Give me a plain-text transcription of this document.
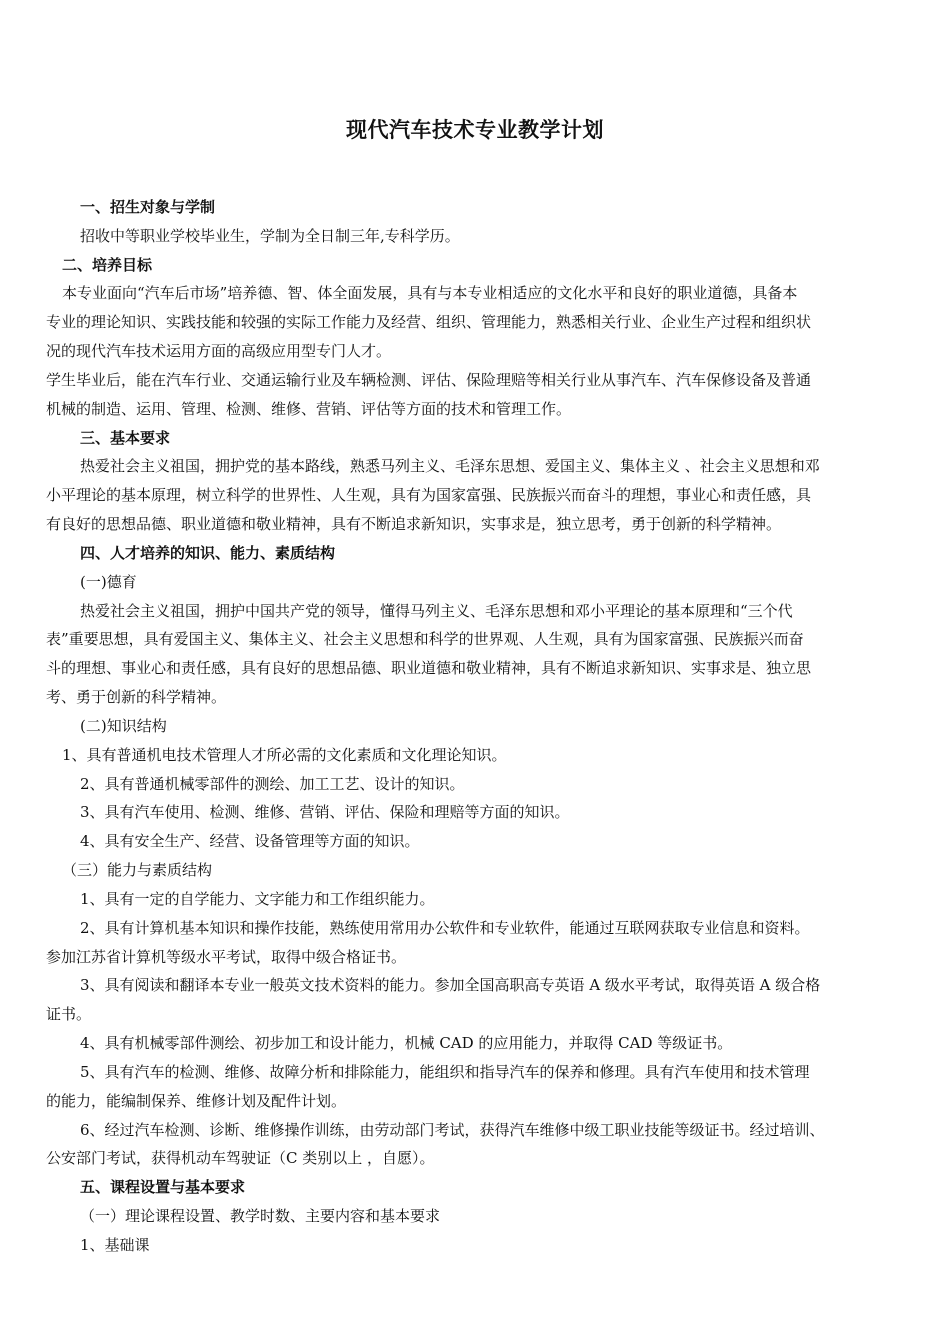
现代汽车技术专业教学计划

一、招生对象与学制

招收中等职业学校毕业生，学制为全日制三年,专科学历。

二、培养目标

本专业面向“汽车后市场”培养德、智、体全面发展，具有与本专业相适应的文化水平和良好的职业道德，具备本

专业的理论知识、实践技能和较强的实际工作能力及经营、组织、管理能力，熟悉相关行业、企业生产过程和组织状

况的现代汽车技术运用方面的高级应用型专门人才。

学生毕业后，能在汽车行业、交通运输行业及车辆检测、评估、保险理赔等相关行业从事汽车、汽车保修设备及普通

机械的制造、运用、管理、检测、维修、营销、评估等方面的技术和管理工作。

三、基本要求

热爱社会主义祖国，拥护党的基本路线，熟悉马列主义、毛泽东思想、爱国主义、集体主义 、社会主义思想和邓

小平理论的基本原理，树立科学的世界性、人生观，具有为国家富强、民族振兴而奋斗的理想，事业心和责任感，具

有良好的思想品德、职业道德和敬业精神，具有不断追求新知识，实事求是，独立思考，勇于创新的科学精神。

四、人才培养的知识、能力、素质结构

(一)德育

热爱社会主义祖国，拥护中国共产党的领导，懂得马列主义、毛泽东思想和邓小平理论的基本原理和“三个代

表”重要思想，具有爱国主义、集体主义、社会主义思想和科学的世界观、人生观，具有为国家富强、民族振兴而奋

斗的理想、事业心和责任感，具有良好的思想品德、职业道德和敬业精神，具有不断追求新知识、实事求是、独立思

考、勇于创新的科学精神。

(二)知识结构

1、具有普通机电技术管理人才所必需的文化素质和文化理论知识。

2、具有普通机械零部件的测绘、加工工艺、设计的知识。

3、具有汽车使用、检测、维修、营销、评估、保险和理赔等方面的知识。

4、具有安全生产、经营、设备管理等方面的知识。

（三）能力与素质结构

1、具有一定的自学能力、文字能力和工作组织能力。

2、具有计算机基本知识和操作技能，熟练使用常用办公软件和专业软件，能通过互联网获取专业信息和资料。

参加江苏省计算机等级水平考试，取得中级合格证书。

3、具有阅读和翻译本专业一般英文技术资料的能力。参加全国高职高专英语 A 级水平考试，取得英语 A 级合格

证书。

4、具有机械零部件测绘、初步加工和设计能力，机械 CAD 的应用能力，并取得 CAD 等级证书。

5、具有汽车的检测、维修、故障分析和排除能力，能组织和指导汽车的保养和修理。具有汽车使用和技术管理

的能力，能编制保养、维修计划及配件计划。

6、经过汽车检测、诊断、维修操作训练，由劳动部门考试，获得汽车维修中级工职业技能等级证书。经过培训、

公安部门考试，获得机动车驾驶证（C 类别以上 ，自愿）。

五、课程设置与基本要求

（一）理论课程设置、教学时数、主要内容和基本要求

1、基础课
